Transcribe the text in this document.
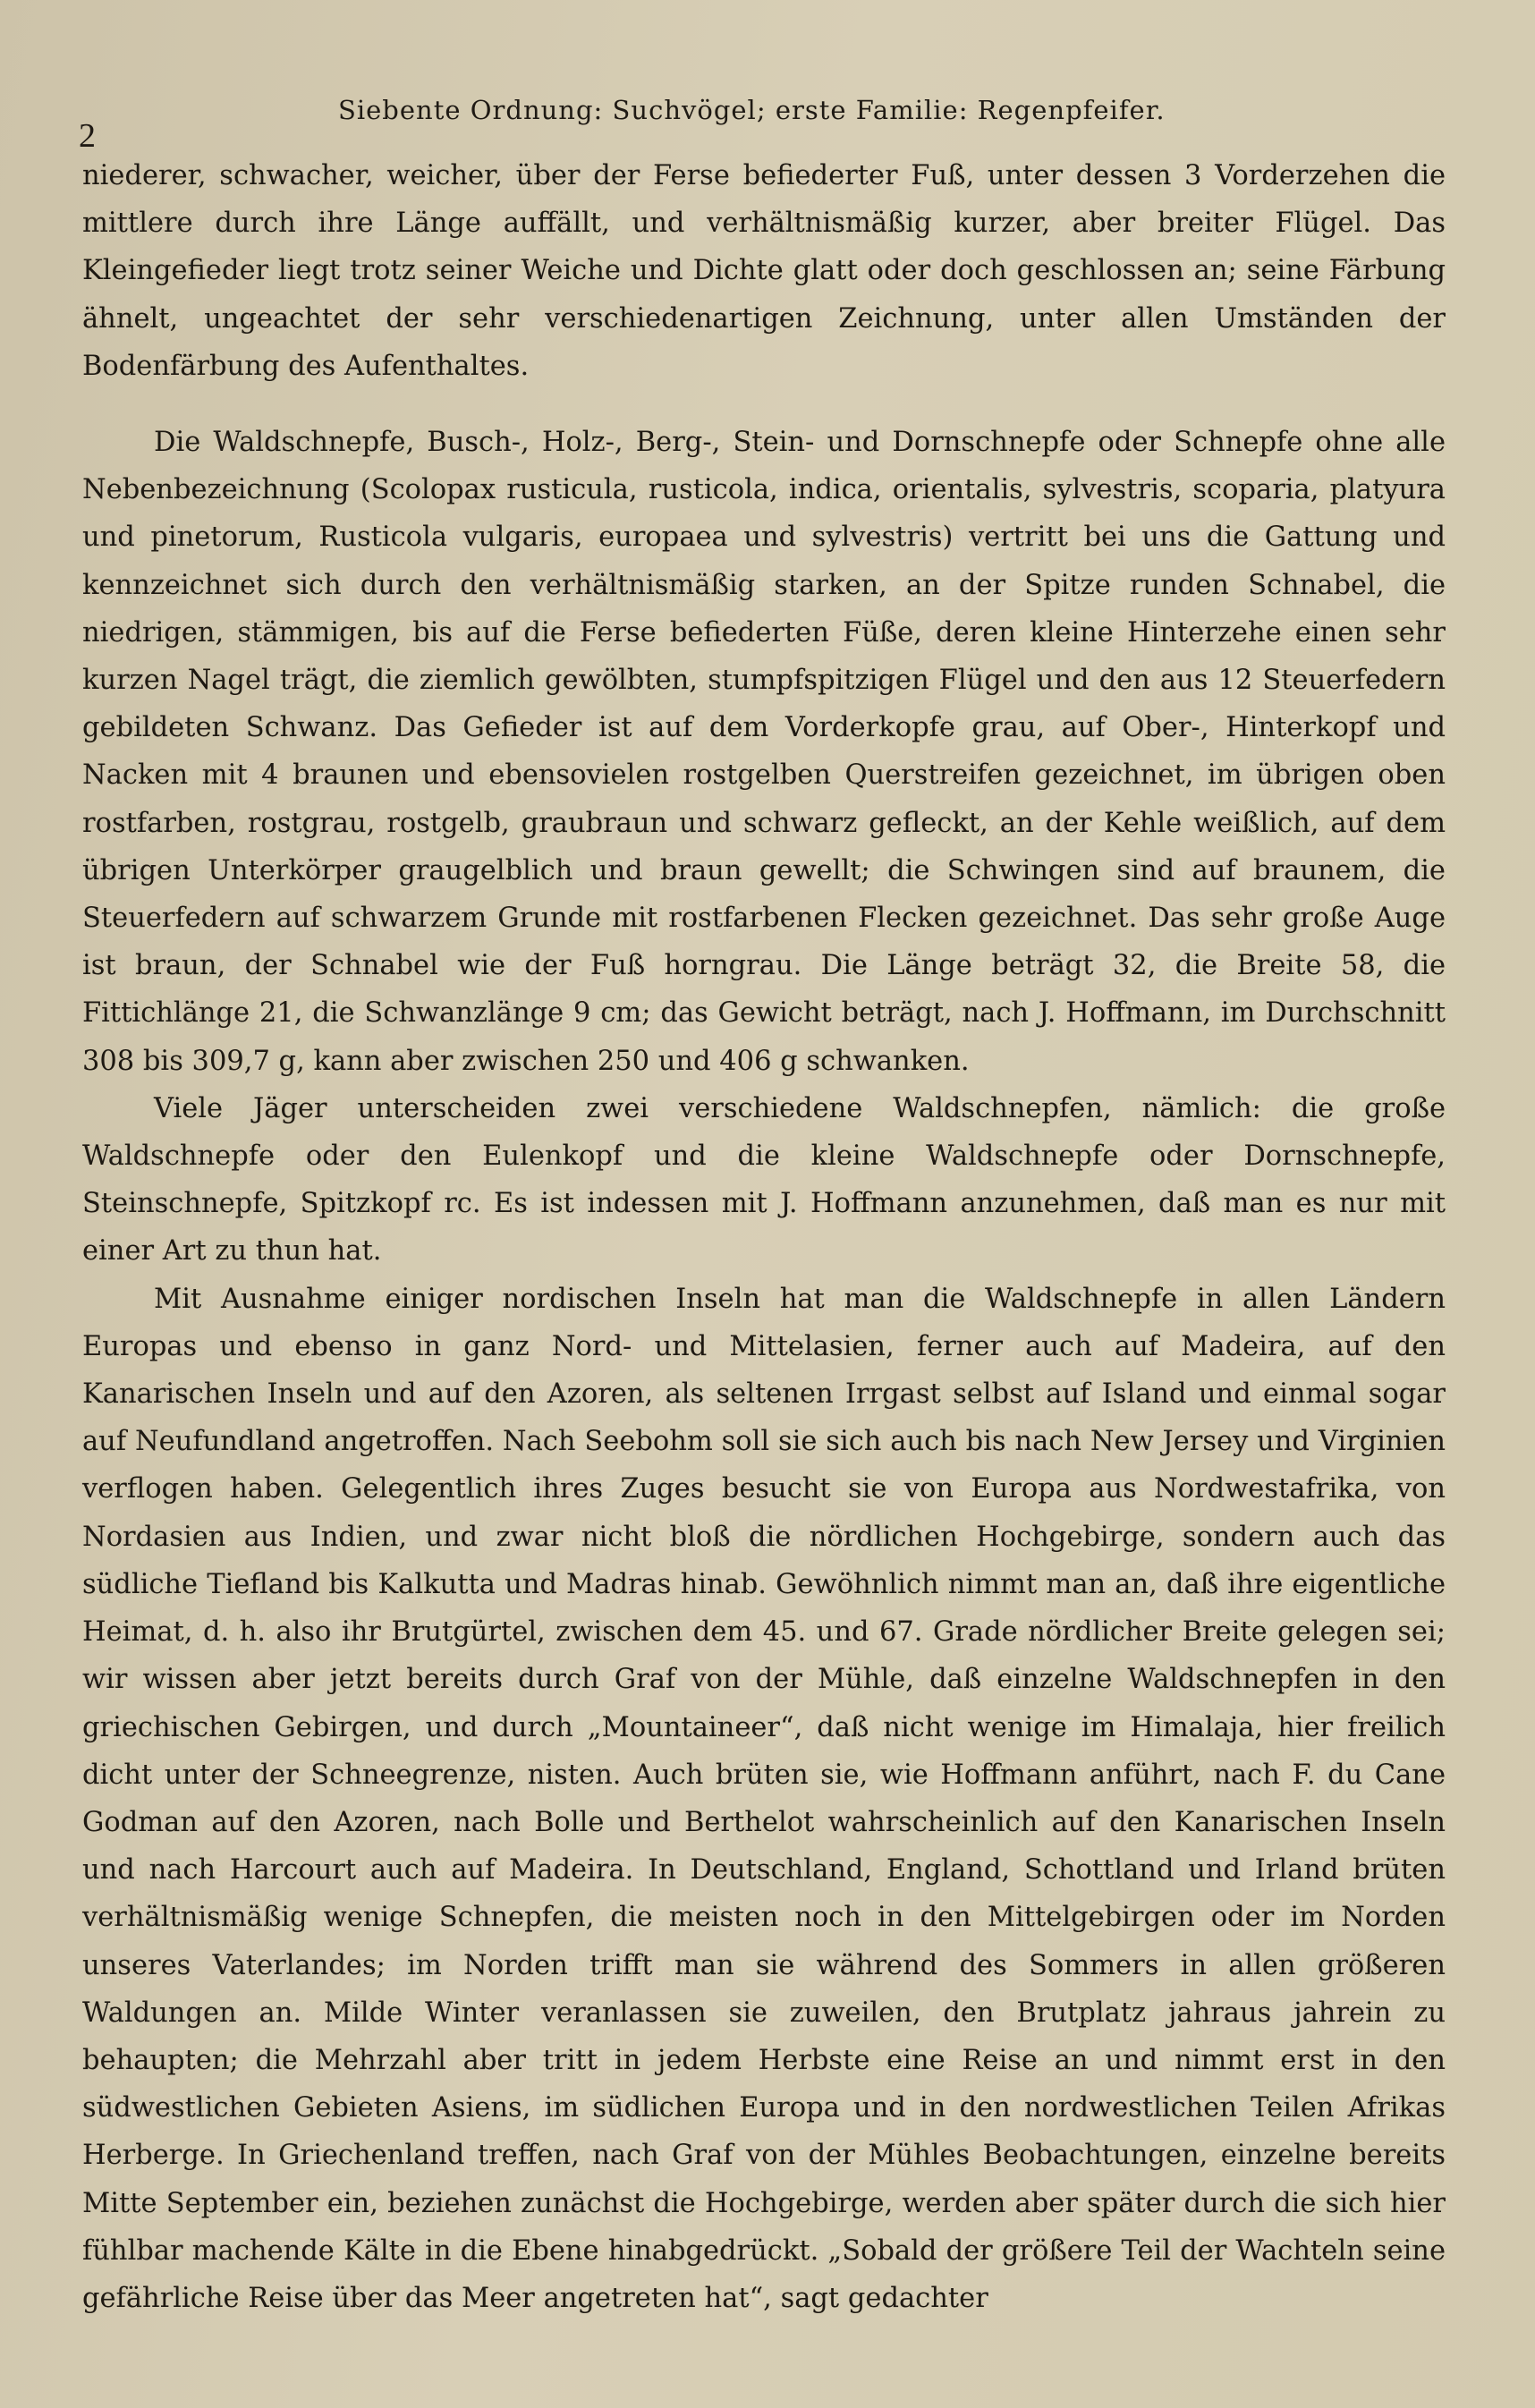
2
Siebente Ordnung: Suchvögel; erste Familie: Regenpfeifer.

niederer, schwacher, weicher, über der Ferse befiederter Fuß, unter dessen 3 Vorderzehen die mittlere durch ihre Länge auffällt, und verhältnismäßig kurzer, aber breiter Flügel. Das Kleingefieder liegt trotz seiner Weiche und Dichte glatt oder doch geschlossen an; seine Färbung ähnelt, ungeachtet der sehr verschiedenartigen Zeichnung, unter allen Umständen der Bodenfärbung des Aufenthaltes.

Die Waldschnepfe, Busch-, Holz-, Berg-, Stein- und Dornschnepfe oder Schnepfe ohne alle Nebenbezeichnung (Scolopax rusticula, rusticola, indica, orientalis, sylvestris, scoparia, platyura und pinetorum, Rusticola vulgaris, europaea und sylvestris) vertritt bei uns die Gattung und kennzeichnet sich durch den verhältnismäßig starken, an der Spitze runden Schnabel, die niedrigen, stämmigen, bis auf die Ferse befiederten Füße, deren kleine Hinterzehe einen sehr kurzen Nagel trägt, die ziemlich gewölbten, stumpfspitzigen Flügel und den aus 12 Steuerfedern gebildeten Schwanz. Das Gefieder ist auf dem Vorderkopfe grau, auf Ober-, Hinterkopf und Nacken mit 4 braunen und ebensovielen rostgelben Querstreifen gezeichnet, im übrigen oben rostfarben, rostgrau, rostgelb, graubraun und schwarz gefleckt, an der Kehle weißlich, auf dem übrigen Unterkörper graugelblich und braun gewellt; die Schwingen sind auf braunem, die Steuerfedern auf schwarzem Grunde mit rostfarbenen Flecken gezeichnet. Das sehr große Auge ist braun, der Schnabel wie der Fuß horngrau. Die Länge beträgt 32, die Breite 58, die Fittichlänge 21, die Schwanzlänge 9 cm; das Gewicht beträgt, nach J. Hoffmann, im Durchschnitt 308 bis 309,7 g, kann aber zwischen 250 und 406 g schwanken.

Viele Jäger unterscheiden zwei verschiedene Waldschnepfen, nämlich: die große Waldschnepfe oder den Eulenkopf und die kleine Waldschnepfe oder Dornschnepfe, Steinschnepfe, Spitzkopf rc. Es ist indessen mit J. Hoffmann anzunehmen, daß man es nur mit einer Art zu thun hat.

Mit Ausnahme einiger nordischen Inseln hat man die Waldschnepfe in allen Ländern Europas und ebenso in ganz Nord- und Mittelasien, ferner auch auf Madeira, auf den Kanarischen Inseln und auf den Azoren, als seltenen Irrgast selbst auf Island und einmal sogar auf Neufundland angetroffen. Nach Seebohm soll sie sich auch bis nach New Jersey und Virginien verflogen haben. Gelegentlich ihres Zuges besucht sie von Europa aus Nordwestafrika, von Nordasien aus Indien, und zwar nicht bloß die nördlichen Hochgebirge, sondern auch das südliche Tiefland bis Kalkutta und Madras hinab. Gewöhnlich nimmt man an, daß ihre eigentliche Heimat, d. h. also ihr Brutgürtel, zwischen dem 45. und 67. Grade nördlicher Breite gelegen sei; wir wissen aber jetzt bereits durch Graf von der Mühle, daß einzelne Waldschnepfen in den griechischen Gebirgen, und durch „Mountaineer“, daß nicht wenige im Himalaja, hier freilich dicht unter der Schneegrenze, nisten. Auch brüten sie, wie Hoffmann anführt, nach F. du Cane Godman auf den Azoren, nach Bolle und Berthelot wahrscheinlich auf den Kanarischen Inseln und nach Harcourt auch auf Madeira. In Deutschland, England, Schottland und Irland brüten verhältnismäßig wenige Schnepfen, die meisten noch in den Mittelgebirgen oder im Norden unseres Vaterlandes; im Norden trifft man sie während des Sommers in allen größeren Waldungen an. Milde Winter veranlassen sie zuweilen, den Brutplatz jahraus jahrein zu behaupten; die Mehrzahl aber tritt in jedem Herbste eine Reise an und nimmt erst in den südwestlichen Gebieten Asiens, im südlichen Europa und in den nordwestlichen Teilen Afrikas Herberge. In Griechenland treffen, nach Graf von der Mühles Beobachtungen, einzelne bereits Mitte September ein, beziehen zunächst die Hochgebirge, werden aber später durch die sich hier fühlbar machende Kälte in die Ebene hinabgedrückt. „Sobald der größere Teil der Wachteln seine gefährliche Reise über das Meer angetreten hat“, sagt gedachter
